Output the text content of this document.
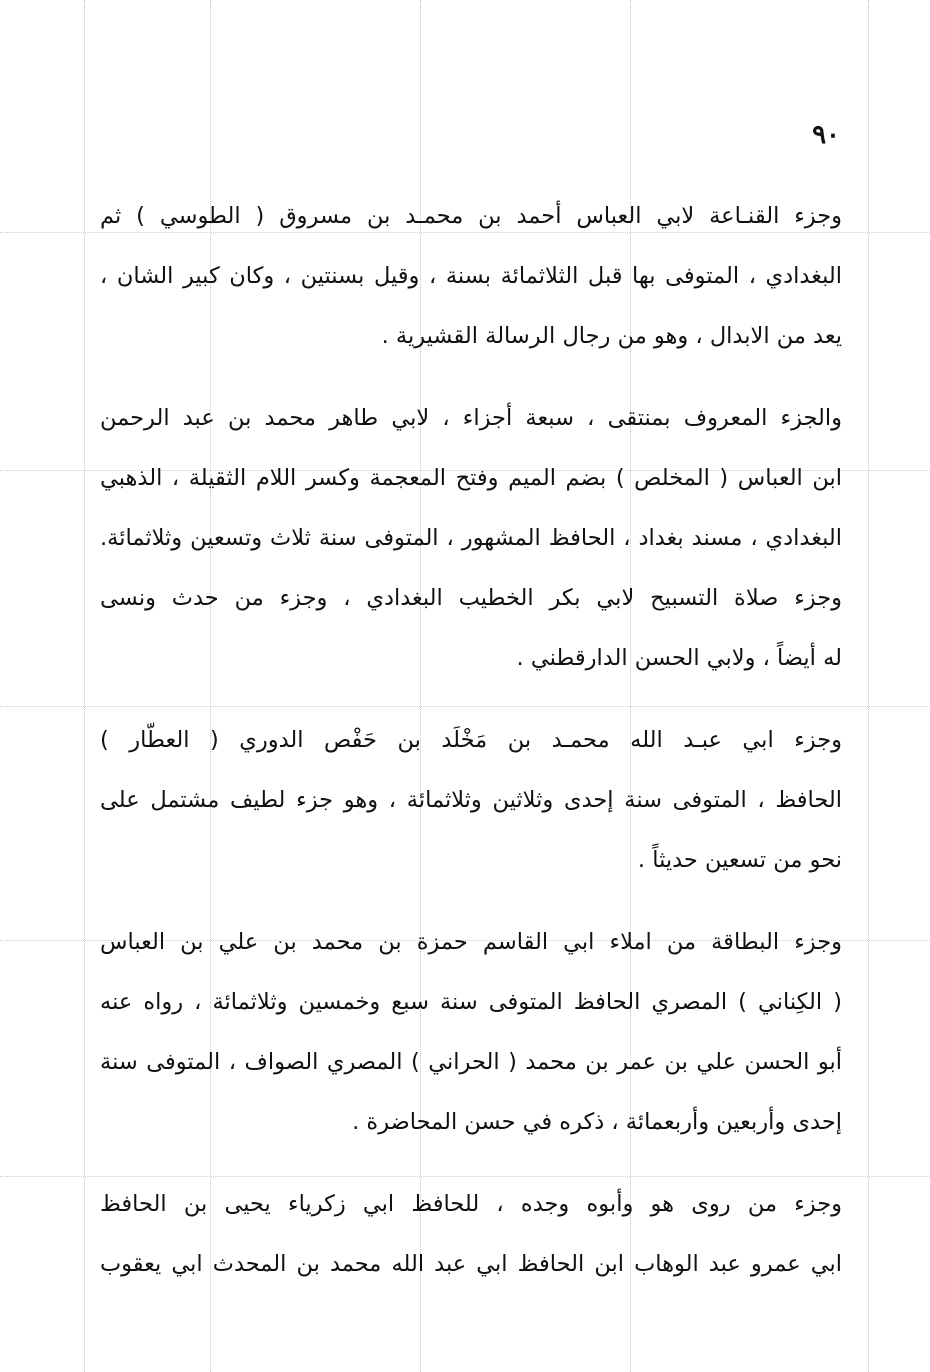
٩٠
وجزء القنـاعة لابي العباس أحمد بن محمـد بن مسروق ( الطوسي ) ثم
البغدادي ، المتوفى بها قبل الثلاثمائة بسنة ، وقيل بسنتين ، وكان كبير الشان ،
يعد من الابدال ، وهو من رجال الرسالة القشيرية .
والجزء المعروف بمنتقى ، سبعة أجزاء ، لابي طاهر محمد بن عبد الرحمن
ابن العباس ( المخلص ) بضم الميم وفتح المعجمة وكسر اللام الثقيلة ، الذهبي
البغدادي ، مسند بغداد ، الحافظ المشهور ، المتوفى سنة ثلاث وتسعين وثلاثمائة.
وجزء صلاة التسبيح لابي بكر الخطيب البغدادي ، وجزء من حدث ونسى
له أيضاً ، ولابي الحسن الدارقطني .
وجزء ابي عبـد الله محمـد بن مَخْلَد بن حَفْص الدوري ( العطّار )
الحافظ ، المتوفى سنة إحدى وثلاثين وثلاثمائة ، وهو جزء لطيف مشتمل على
نحو من تسعين حديثاً .
وجزء البطاقة من املاء ابي القاسم حمزة بن محمد بن علي بن العباس
( الكِناني ) المصري الحافظ المتوفى سنة سبع وخمسين وثلاثمائة ، رواه عنه
أبو الحسن علي بن عمر بن محمد ( الحراني ) المصري الصواف ، المتوفى سنة
إحدى وأربعين وأربعمائة ، ذكره في حسن المحاضرة .
وجزء من روى هو وأبوه وجده ، للحافظ ابي زكرياء يحيى بن الحافظ
ابي عمرو عبد الوهاب ابن الحافظ ابي عبد الله محمد بن المحدث ابي يعقوب
